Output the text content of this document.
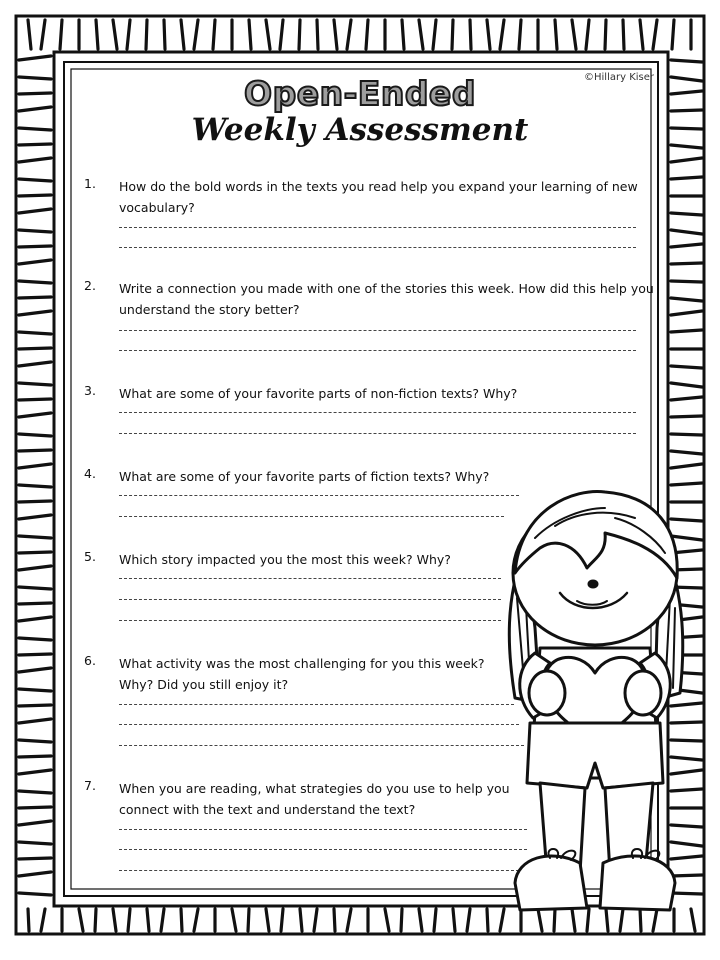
©Hillary Kiser
Open-Ended
Weekly Assessment
1. How do the bold words in the texts you read help you expand your learning of new
vocabulary?
2. Write a connection you made with one of the stories this week. How did this help you
understand the story better?
3. What are some of your favorite parts of non-fiction texts? Why?
4. What are some of your favorite parts of fiction texts? Why?
5. Which story impacted you the most this week? Why?
6. What activity was the most challenging for you this week?
Why? Did you still enjoy it?
7. When you are reading, what strategies do you use to help you
connect with the text and understand the text?
